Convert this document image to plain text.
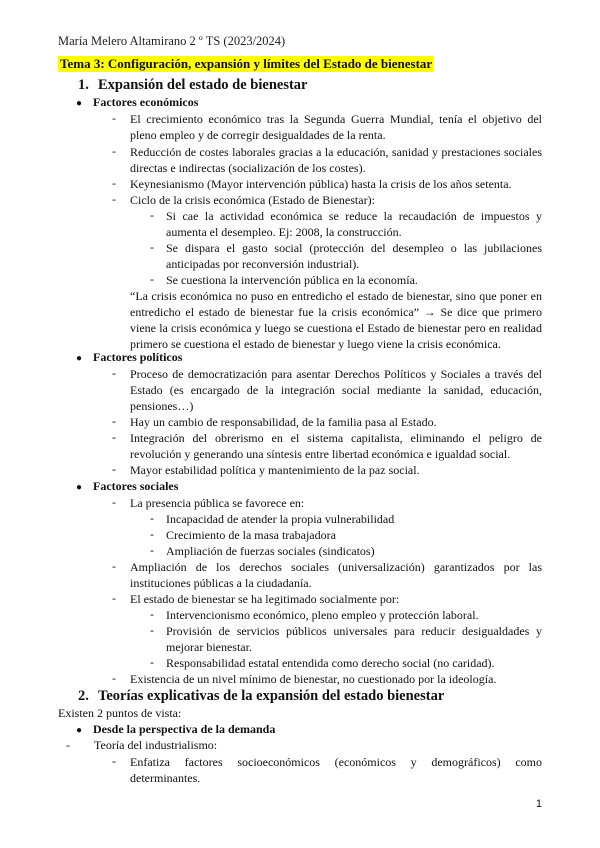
María Melero Altamirano 2 º TS (2023/2024)
Tema 3: Configuración, expansión y límites del Estado de bienestar
1. Expansión del estado de bienestar
● Factores económicos
- El crecimiento económico tras la Segunda Guerra Mundial, tenía el objetivo del pleno empleo y de corregir desigualdades de la renta.
- Reducción de costes laborales gracias a la educación, sanidad y prestaciones sociales directas e indirectas (socialización de los costes).
- Keynesianismo (Mayor intervención pública) hasta la crisis de los años setenta.
- Ciclo de la crisis económica (Estado de Bienestar):
- Si cae la actividad económica se reduce la recaudación de impuestos y aumenta el desempleo. Ej: 2008, la construcción.
- Se dispara el gasto social (protección del desempleo o las jubilaciones anticipadas por reconversión industrial).
- Se cuestiona la intervención pública en la economía.
“La crisis económica no puso en entredicho el estado de bienestar, sino que poner en entredicho el estado de bienestar fue la crisis económica” → Se dice que primero viene la crisis económica y luego se cuestiona el Estado de bienestar pero en realidad primero se cuestiona el estado de bienestar y luego viene la crisis económica.
● Factores políticos
- Proceso de democratización para asentar Derechos Políticos y Sociales a través del Estado (es encargado de la integración social mediante la sanidad, educación, pensiones…)
- Hay un cambio de responsabilidad, de la familia pasa al Estado.
- Integración del obrerismo en el sistema capitalista, eliminando el peligro de revolución y generando una síntesis entre libertad económica e igualdad social.
- Mayor estabilidad política y mantenimiento de la paz social.
● Factores sociales
- La presencia pública se favorece en:
- Incapacidad de atender la propia vulnerabilidad
- Crecimiento de la masa trabajadora
- Ampliación de fuerzas sociales (sindicatos)
- Ampliación de los derechos sociales (universalización) garantizados por las instituciones públicas a la ciudadanía.
- El estado de bienestar se ha legitimado socialmente por:
- Intervencionismo económico, pleno empleo y protección laboral.
- Provisión de servicios públicos universales para reducir desigualdades y mejorar bienestar.
- Responsabilidad estatal entendida como derecho social (no caridad).
- Existencia de un nivel mínimo de bienestar, no cuestionado por la ideología.
2. Teorías explicativas de la expansión del estado bienestar
Existen 2 puntos de vista:
● Desde la perspectiva de la demanda
- Teoría del industrialismo:
- Enfatiza factores socioeconómicos (económicos y demográficos) como determinantes.
1
